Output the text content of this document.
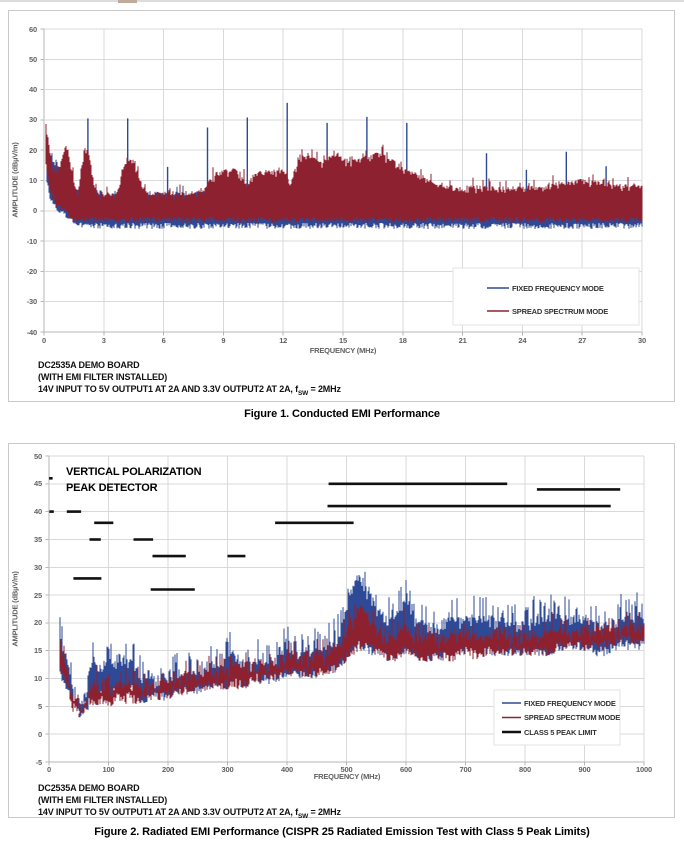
AMPLITUDE (dBµV/m)
FREQUENCY (MHz)
FIXED FREQUENCY MODE
SPREAD SPECTRUM MODE
DC2535A DEMO BOARD
(WITH EMI FILTER INSTALLED)
14V INPUT TO 5V OUTPUT1 AT 2A AND 3.3V OUTPUT2 AT 2A, $f_{SW} = 2MHz$
Figure 1. Conducted EMI Performance
VERTICAL POLARIZATION
PEAK DETECTOR
AMPLITUDE (dBµV/m)
FREQUENCY (MHz)
FIXED FREQUENCY MODE
SPREAD SPECTRUM MODE
CLASS 5 PEAK LIMIT
DC2535A DEMO BOARD
(WITH EMI FILTER INSTALLED)
14V INPUT TO 5V OUTPUT1 AT 2A AND 3.3V OUTPUT2 AT 2A, $f_{SW} = 2MHz$
Figure 2. Radiated EMI Performance (CISPR 25 Radiated Emission Test with Class 5 Peak Limits)
0	3	6	9	12	15	18	21	24	27	30
60
50
40
30
20
10
0
-10
-20
-30
-40
0	100	200	300	400	500	600	700	800	900	1000
50
45
40
35
30
25
20
15
10
5
0
-5
